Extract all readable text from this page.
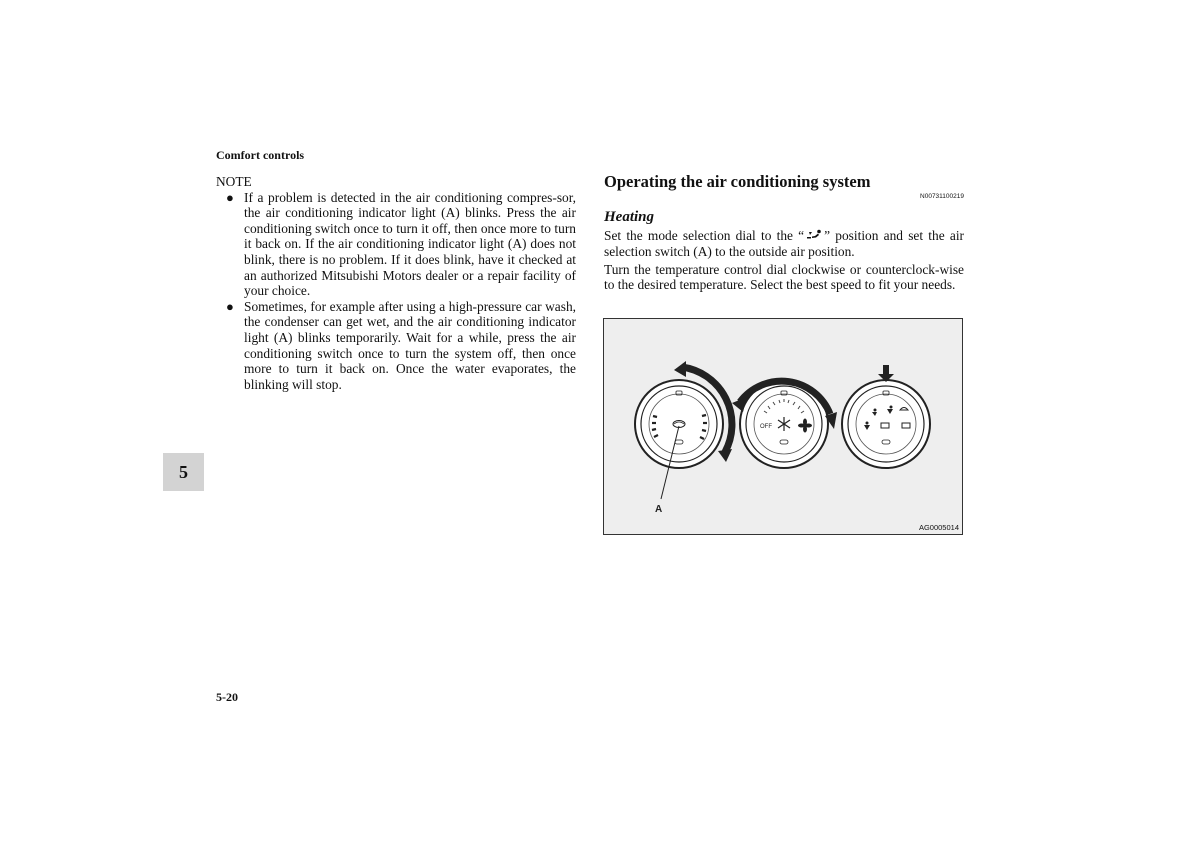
Comfort controls
NOTE
● If a problem is detected in the air conditioning compres-sor, the air conditioning indicator light (A) blinks. Press the air conditioning switch once to turn it off, then once more to turn it back on. If the air conditioning indicator light (A) does not blink, there is no problem. If it does blink, have it checked at an authorized Mitsubishi Motors dealer or a repair facility of your choice.
● Sometimes, for example after using a high-pressure car wash, the condenser can get wet, and the air conditioning indicator light (A) blinks temporarily. Wait for a while, press the air conditioning switch once to turn the system off, then once more to turn it back on. Once the water evaporates, the blinking will stop.
5
5-20
Operating the air conditioning system
N00731100219
Heating
Set the mode selection dial to the “ ” position and set the air selection switch (A) to the outside air position.
Turn the temperature control dial clockwise or counterclock-wise to the desired temperature. Select the best speed to fit your needs.
OFF
A
AG0005014
